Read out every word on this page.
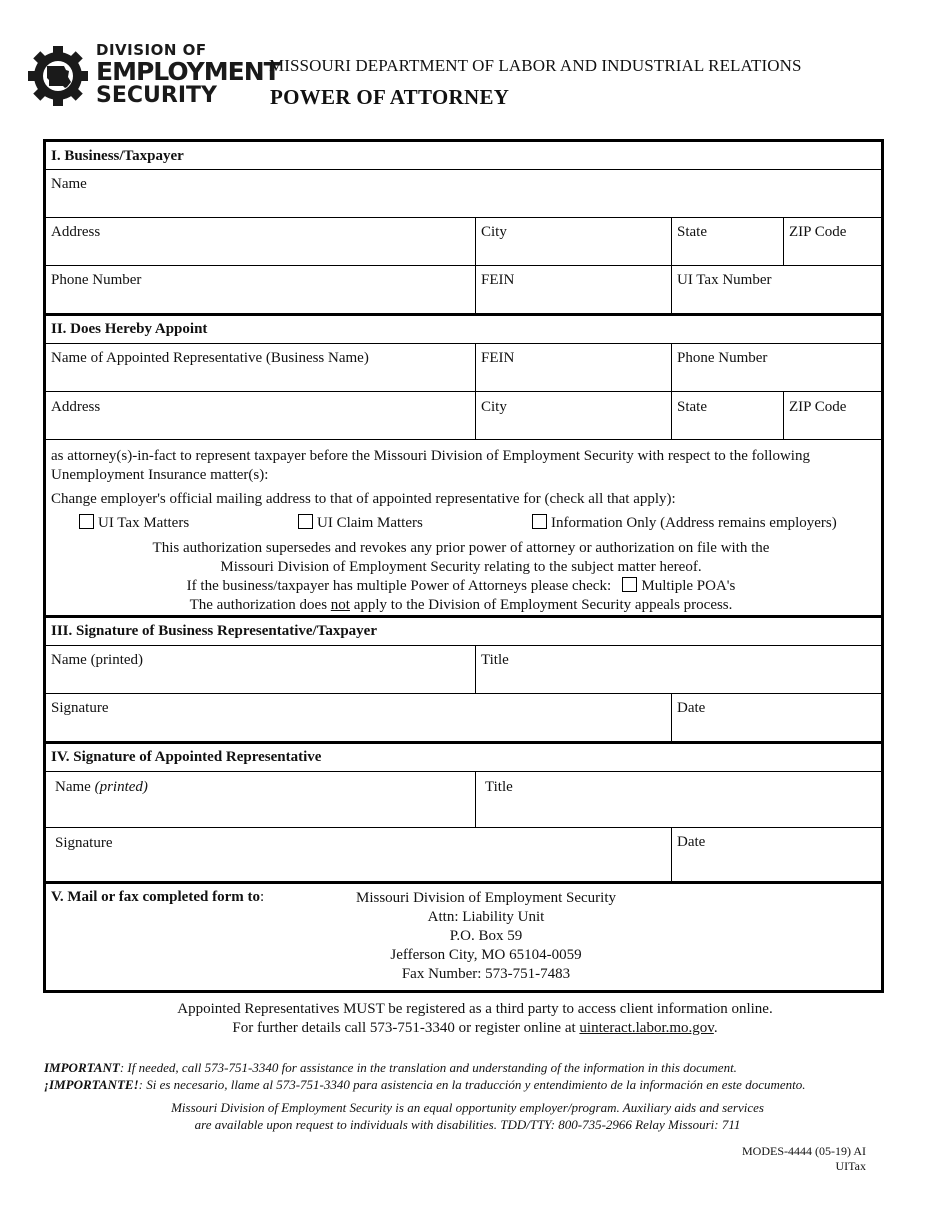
DIVISION OF
EMPLOYMENT
SECURITY
MISSOURI DEPARTMENT OF LABOR AND INDUSTRIAL RELATIONS
POWER OF ATTORNEY
I. Business/Taxpayer
Name
Address	City	State	ZIP Code
Phone Number	FEIN	UI Tax Number
II. Does Hereby Appoint
Name of Appointed Representative (Business Name)	FEIN	Phone Number
Address	City	State	ZIP Code
as attorney(s)-in-fact to represent taxpayer before the Missouri Division of Employment Security with respect to the following
Unemployment Insurance matter(s):
Change employer's official mailing address to that of appointed representative for (check all that apply):
UI Tax Matters	UI Claim Matters	Information Only (Address remains employers)
This authorization supersedes and revokes any prior power of attorney or authorization on file with the
Missouri Division of Employment Security relating to the subject matter hereof.
If the business/taxpayer has multiple Power of Attorneys please check: Multiple POA's
The authorization does not apply to the Division of Employment Security appeals process.
III. Signature of Business Representative/Taxpayer
Name (printed)	Title
Signature	Date
IV. Signature of Appointed Representative
Name (printed)	Title
Signature	Date
V. Mail or fax completed form to:	Missouri Division of Employment Security
Attn: Liability Unit
P.O. Box 59
Jefferson City, MO 65104-0059
Fax Number: 573-751-7483
Appointed Representatives MUST be registered as a third party to access client information online.
For further details call 573-751-3340 or register online at uinteract.labor.mo.gov.
IMPORTANT: If needed, call 573-751-3340 for assistance in the translation and understanding of the information in this document.
¡IMPORTANTE!: Si es necesario, llame al 573-751-3340 para asistencia en la traducción y entendimiento de la información en este documento.
Missouri Division of Employment Security is an equal opportunity employer/program. Auxiliary aids and services
are available upon request to individuals with disabilities. TDD/TTY: 800-735-2966 Relay Missouri: 711
MODES-4444 (05-19) AI
UITax
